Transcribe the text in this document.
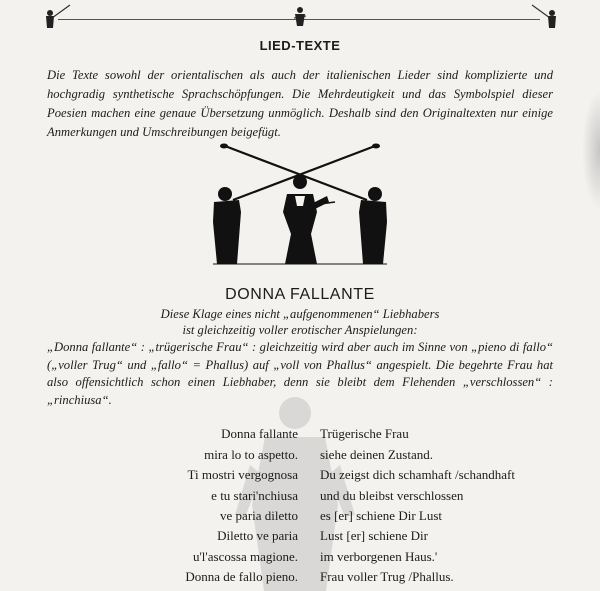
LIED-TEXTE
Die Texte sowohl der orientalischen als auch der italienischen Lieder sind komplizierte und hochgradig synthetische Sprachschöpfungen. Die Mehrdeutigkeit und das Symbolspiel dieser Poesien machen eine genaue Übersetzung unmöglich. Deshalb sind den Originaltexten nur einige Anmerkungen und Umschreibungen beigefügt.
DONNA FALLANTE
Diese Klage eines nicht „aufgenommenen“ Liebhabers
ist gleichzeitig voller erotischer Anspielungen:
„Donna fallante“ : „trügerische Frau“ : gleichzeitig wird aber auch im Sinne von „pieno di fallo“ („voller Trug“ und „fallo“ = Phallus) auf „voll von Phallus“ angespielt. Die begehrte Frau hat also offensichtlich schon einen Liebhaber, denn sie bleibt dem Flehenden „verschlossen“ : „rinchiusa“.
Donna fallante
mira lo to aspetto.
Ti mostri vergognosa
e tu stari'nchiusa
ve paria diletto
Trügerische Frau
siehe deinen Zustand.
Du zeigst dich schamhaft /schandhaft
und du bleibst verschlossen
es [er] schiene Dir Lust
Diletto ve paria
u'l'ascossa magione.
Donna de fallo pieno.
Lust [er] schiene Dir
im verborgenen Haus.'
Frau voller Trug /Phallus.
